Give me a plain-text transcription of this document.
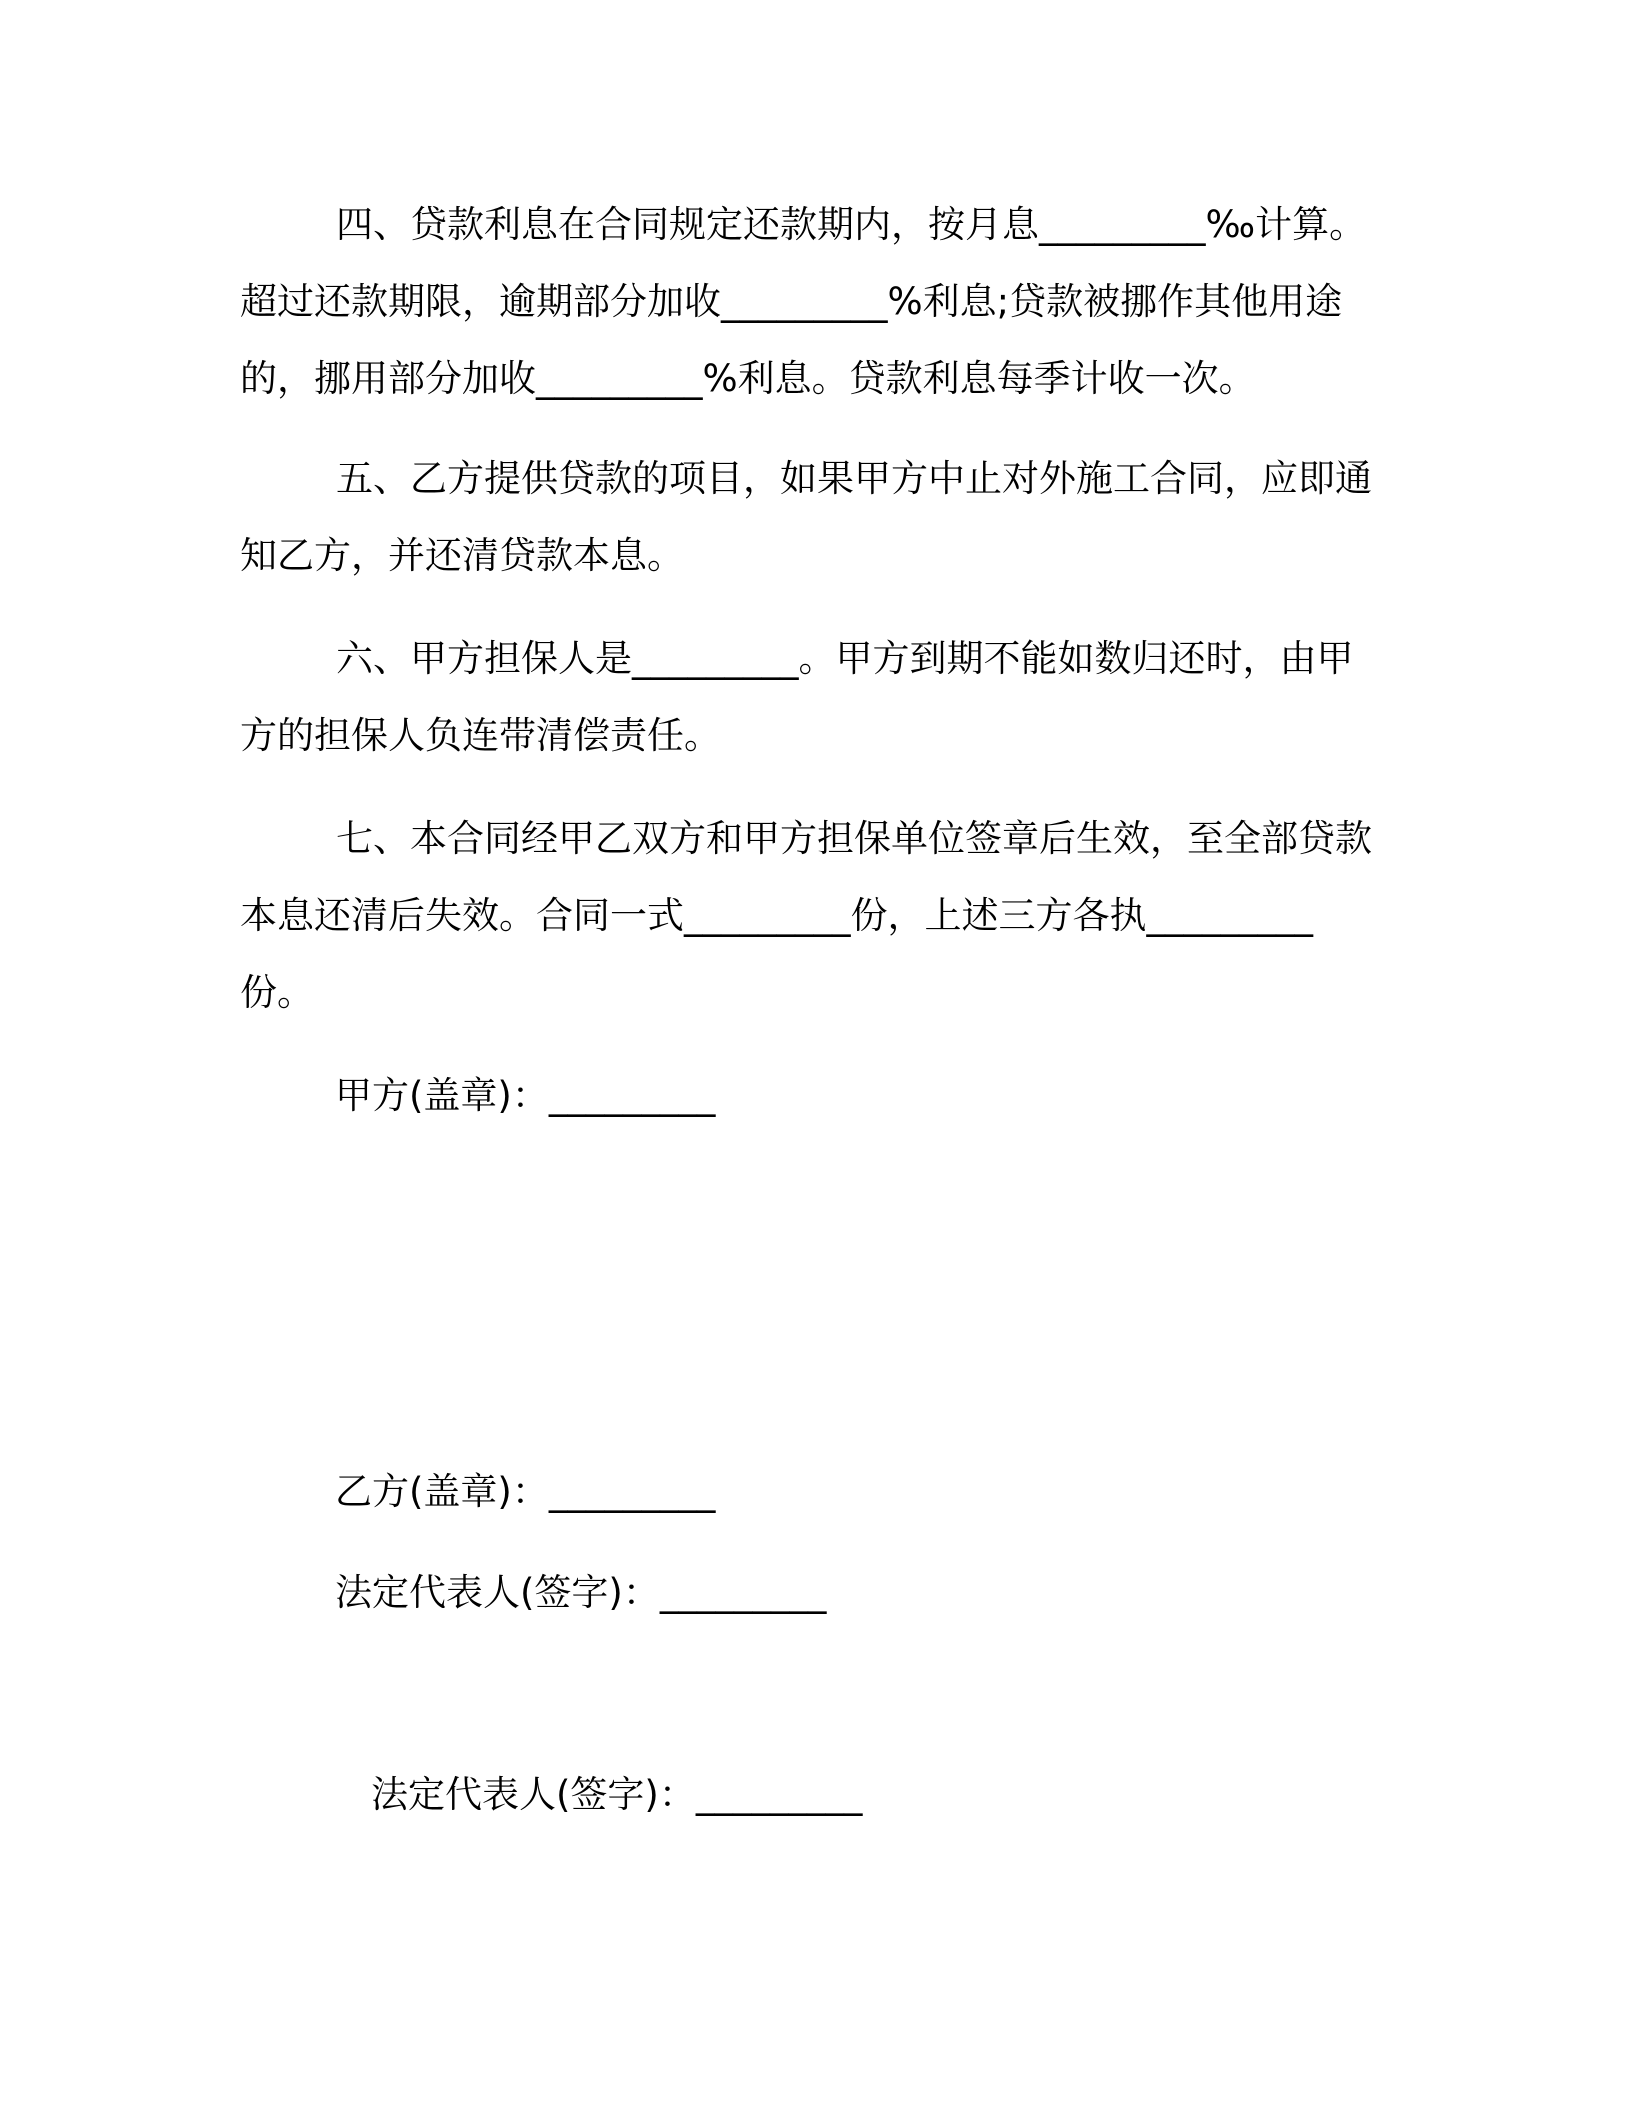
四、贷款利息在合同规定还款期内，按月息_________‰计算。超过还款期限，逾期部分加收_________%利息;贷款被挪作其他用途的，挪用部分加收_________%利息。贷款利息每季计收一次。

五、乙方提供贷款的项目，如果甲方中止对外施工合同，应即通知乙方，并还清贷款本息。

六、甲方担保人是_________。甲方到期不能如数归还时，由甲方的担保人负连带清偿责任。

七、本合同经甲乙双方和甲方担保单位签章后生效，至全部贷款本息还清后失效。合同一式_________份，上述三方各执_________份。

甲方(盖章)：_________

乙方(盖章)：_________

法定代表人(签字)：_________

法定代表人(签字)：_________
